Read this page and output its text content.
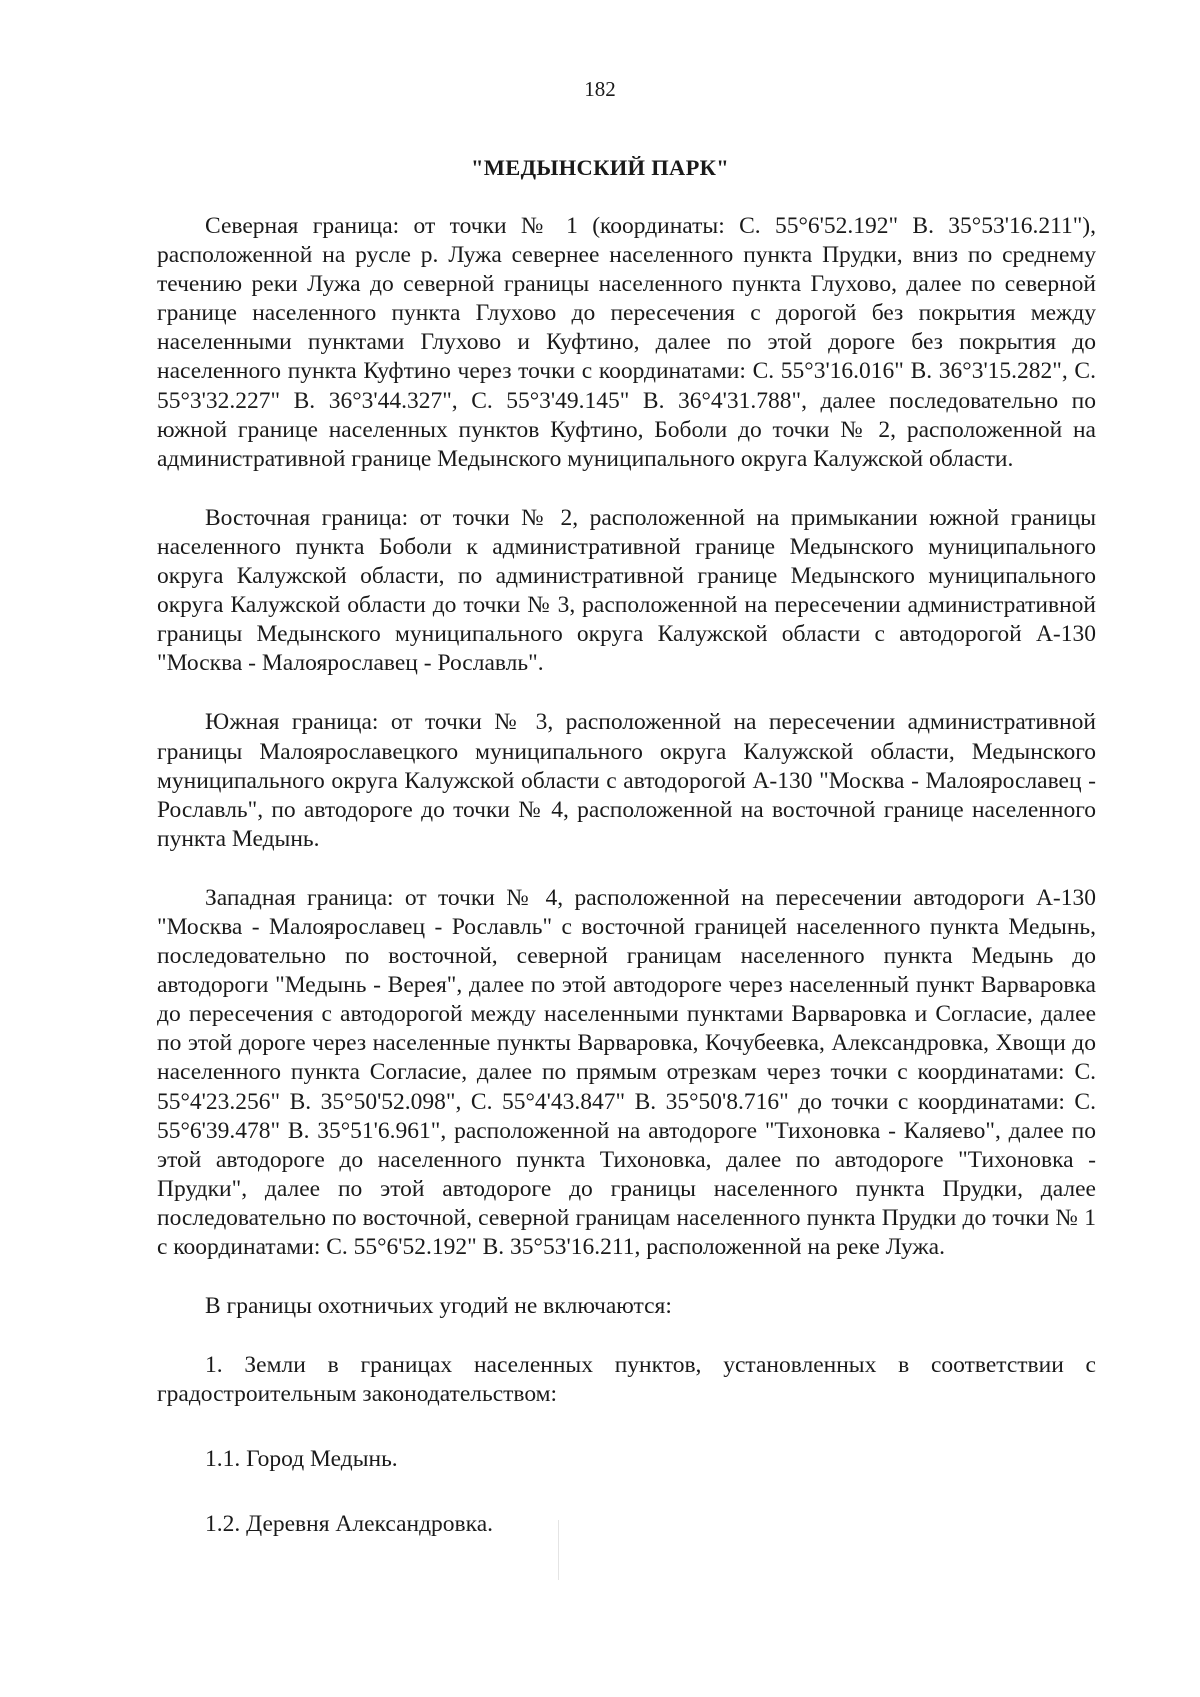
182
"МЕДЫНСКИЙ ПАРК"

Северная граница: от точки № 1 (координаты: С. 55°6'52.192" В. 35°53'16.211"), расположенной на русле р. Лужа севернее населенного пункта Прудки, вниз по среднему течению реки Лужа до северной границы населенного пункта Глухово, далее по северной границе населенного пункта Глухово до пересечения с дорогой без покрытия между населенными пунктами Глухово и Куфтино, далее по этой дороге без покрытия до населенного пункта Куфтино через точки с координатами: С. 55°3'16.016" В. 36°3'15.282", С. 55°3'32.227" В. 36°3'44.327", С. 55°3'49.145" В. 36°4'31.788", далее последовательно по южной границе населенных пунктов Куфтино, Боболи до точки № 2, расположенной на административной границе Медынского муниципального округа Калужской области.

Восточная граница: от точки № 2, расположенной на примыкании южной границы населенного пункта Боболи к административной границе Медынского муниципального округа Калужской области, по административной границе Медынского муниципального округа Калужской области до точки № 3, расположенной на пересечении административной границы Медынского муниципального округа Калужской области с автодорогой А-130 "Москва - Малоярославец - Рославль".

Южная граница: от точки № 3, расположенной на пересечении административной границы Малоярославецкого муниципального округа Калужской области, Медынского муниципального округа Калужской области с автодорогой А-130 "Москва - Малоярославец - Рославль", по автодороге до точки № 4, расположенной на восточной границе населенного пункта Медынь.

Западная граница: от точки № 4, расположенной на пересечении автодороги А-130 "Москва - Малоярославец - Рославль" с восточной границей населенного пункта Медынь, последовательно по восточной, северной границам населенного пункта Медынь до автодороги "Медынь - Верея", далее по этой автодороге через населенный пункт Варваровка до пересечения с автодорогой между населенными пунктами Варваровка и Согласие, далее по этой дороге через населенные пункты Варваровка, Кочубеевка, Александровка, Хвощи до населенного пункта Согласие, далее по прямым отрезкам через точки с координатами: С. 55°4'23.256" В. 35°50'52.098", С. 55°4'43.847" В. 35°50'8.716" до точки с координатами: С. 55°6'39.478" В. 35°51'6.961", расположенной на автодороге "Тихоновка - Каляево", далее по этой автодороге до населенного пункта Тихоновка, далее по автодороге "Тихоновка - Прудки", далее по этой автодороге до границы населенного пункта Прудки, далее последовательно по восточной, северной границам населенного пункта Прудки до точки № 1 с координатами: С. 55°6'52.192" В. 35°53'16.211, расположенной на реке Лужа.

В границы охотничьих угодий не включаются:

1. Земли в границах населенных пунктов, установленных в соответствии с градостроительным законодательством:

1.1. Город Медынь.

1.2. Деревня Александровка.
